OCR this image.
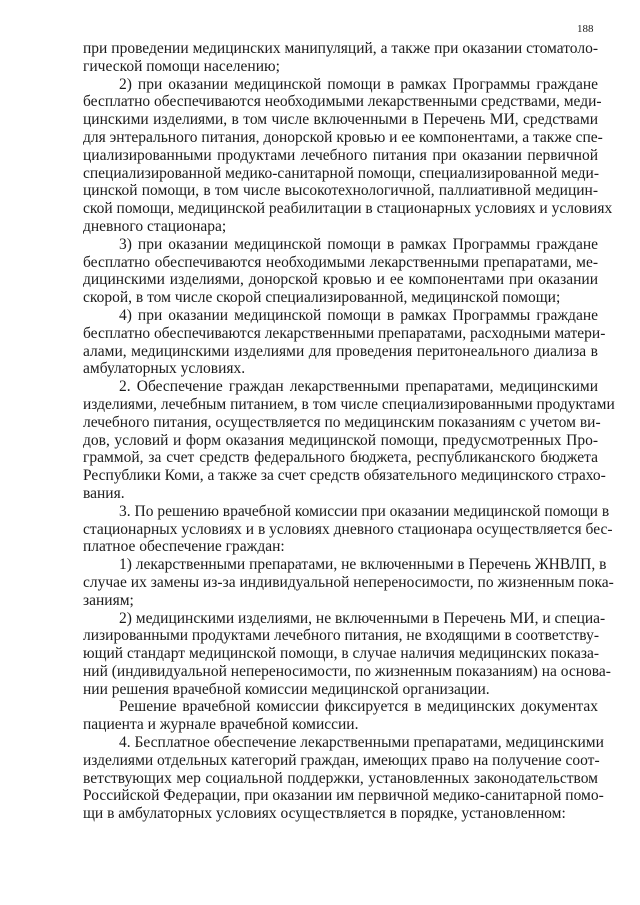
188
при проведении медицинских манипуляций, а также при оказании стоматоло-
гической помощи населению;
2) при оказании медицинской помощи в рамках Программы граждане
бесплатно обеспечиваются необходимыми лекарственными средствами, меди-
цинскими изделиями, в том числе включенными в Перечень МИ, средствами
для энтерального питания, донорской кровью и ее компонентами, а также спе-
циализированными продуктами лечебного питания при оказании первичной
специализированной медико-санитарной помощи, специализированной меди-
цинской помощи, в том числе высокотехнологичной, паллиативной медицин-
ской помощи, медицинской реабилитации в стационарных условиях и условиях
дневного стационара;
3) при оказании медицинской помощи в рамках Программы граждане
бесплатно обеспечиваются необходимыми лекарственными препаратами, ме-
дицинскими изделиями, донорской кровью и ее компонентами при оказании
скорой, в том числе скорой специализированной, медицинской помощи;
4) при оказании медицинской помощи в рамках Программы граждане
бесплатно обеспечиваются лекарственными препаратами, расходными матери-
алами, медицинскими изделиями для проведения перитонеального диализа в
амбулаторных условиях.
2. Обеспечение граждан лекарственными препаратами, медицинскими
изделиями, лечебным питанием, в том числе специализированными продуктами
лечебного питания, осуществляется по медицинским показаниям с учетом ви-
дов, условий и форм оказания медицинской помощи, предусмотренных Про-
граммой, за счет средств федерального бюджета, республиканского бюджета
Республики Коми, а также за счет средств обязательного медицинского страхо-
вания.
3. По решению врачебной комиссии при оказании медицинской помощи в
стационарных условиях и в условиях дневного стационара осуществляется бес-
платное обеспечение граждан:
1) лекарственными препаратами, не включенными в Перечень ЖНВЛП, в
случае их замены из-за индивидуальной непереносимости, по жизненным пока-
заниям;
2) медицинскими изделиями, не включенными в Перечень МИ, и специа-
лизированными продуктами лечебного питания, не входящими в соответству-
ющий стандарт медицинской помощи, в случае наличия медицинских показа-
ний (индивидуальной непереносимости, по жизненным показаниям) на основа-
нии решения врачебной комиссии медицинской организации.
Решение врачебной комиссии фиксируется в медицинских документах
пациента и журнале врачебной комиссии.
4. Бесплатное обеспечение лекарственными препаратами, медицинскими
изделиями отдельных категорий граждан, имеющих право на получение соот-
ветствующих мер социальной поддержки, установленных законодательством
Российской Федерации, при оказании им первичной медико-санитарной помо-
щи в амбулаторных условиях осуществляется в порядке, установленном:
